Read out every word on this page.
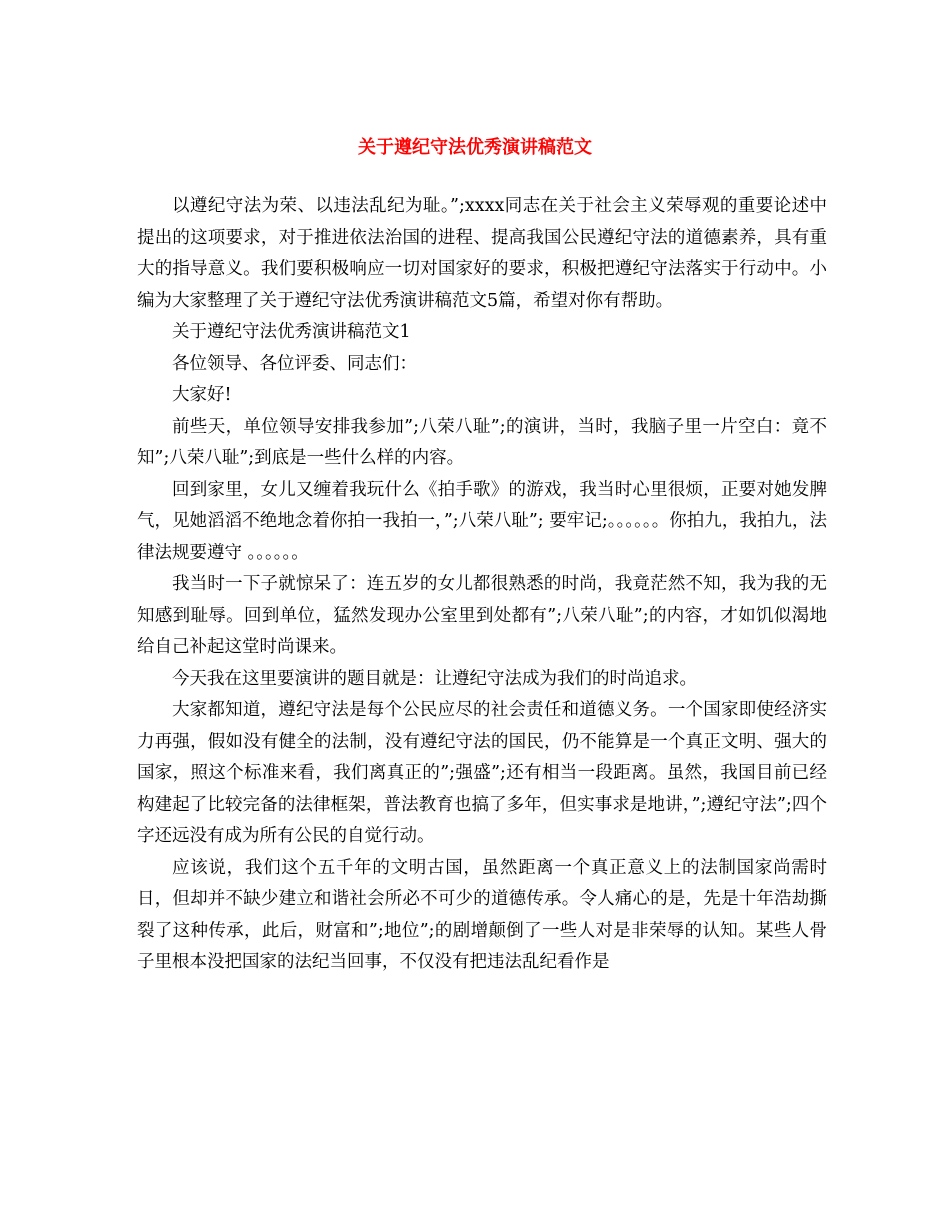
关于遵纪守法优秀演讲稿范文

以遵纪守法为荣、以违法乱纪为耻。”;xxxx同志在关于社会主义荣辱观的重要论述中提出的这项要求，对于推进依法治国的进程、提高我国公民遵纪守法的道德素养，具有重大的指导意义。我们要积极响应一切对国家好的要求，积极把遵纪守法落实于行动中。小编为大家整理了关于遵纪守法优秀演讲稿范文5篇，希望对你有帮助。

关于遵纪守法优秀演讲稿范文1

各位领导、各位评委、同志们：

大家好!

前些天，单位领导安排我参加”;八荣八耻”;的演讲，当时，我脑子里一片空白：竟不知”;八荣八耻”;到底是一些什么样的内容。

回到家里，女儿又缠着我玩什么《拍手歌》的游戏，我当时心里很烦，正要对她发脾气，见她滔滔不绝地念着你拍一我拍一，”;八荣八耻”; 要牢记;。。。。。。你拍九，我拍九，法律法规要遵守 。。。。。。

我当时一下子就惊呆了：连五岁的女儿都很熟悉的时尚，我竟茫然不知，我为我的无知感到耻辱。回到单位，猛然发现办公室里到处都有”;八荣八耻”;的内容，才如饥似渴地给自己补起这堂时尚课来。

今天我在这里要演讲的题目就是：让遵纪守法成为我们的时尚追求。

大家都知道，遵纪守法是每个公民应尽的社会责任和道德义务。一个国家即使经济实力再强，假如没有健全的法制，没有遵纪守法的国民，仍不能算是一个真正文明、强大的国家，照这个标准来看，我们离真正的”;强盛”;还有相当一段距离。虽然，我国目前已经构建起了比较完备的法律框架，普法教育也搞了多年，但实事求是地讲，”;遵纪守法”;四个字还远没有成为所有公民的自觉行动。

应该说，我们这个五千年的文明古国，虽然距离一个真正意义上的法制国家尚需时日，但却并不缺少建立和谐社会所必不可少的道德传承。令人痛心的是，先是十年浩劫撕裂了这种传承，此后，财富和”;地位”;的剧增颠倒了一些人对是非荣辱的认知。某些人骨子里根本没把国家的法纪当回事，不仅没有把违法乱纪看作是
